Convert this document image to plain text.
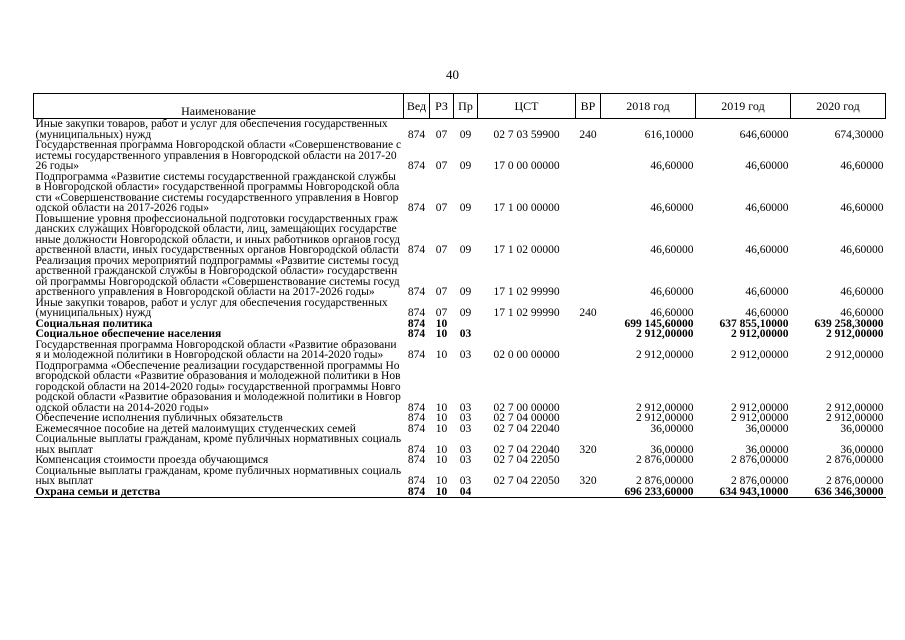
40
Наименование	Вед	РЗ	Пр	ЦСТ	ВР	2018 год	2019 год	2020 год
Иные закупки товаров, работ и услуг для обеспечения государственных (муниципальных) нужд	874	07	09	02 7 03 59900	240	616,10000	646,60000	674,30000
Государственная программа Новгородской области «Совершенствование системы государственного управления в Новгородской области на 2017-2026 годы»	874	07	09	17 0 00 00000		46,60000	46,60000	46,60000
Подпрограмма «Развитие системы государственной гражданской службы в Новгородской области» государственной программы Новгородской области «Совершенствование системы государственного управления в Новгородской области на 2017-2026 годы»	874	07	09	17 1 00 00000		46,60000	46,60000	46,60000
Повышение уровня профессиональной подготовки государственных гражданских служащих Новгородской области, лиц, замещающих государственные должности Новгородской области, и иных работников органов государственной власти, иных государственных органов Новгородской области	874	07	09	17 1 02 00000		46,60000	46,60000	46,60000
Реализация прочих мероприятий подпрограммы «Развитие системы государственной гражданской службы в Новгородской области» государственной программы Новгородской области «Совершенствование системы государственного управления в Новгородской области на 2017-2026 годы»	874	07	09	17 1 02 99990		46,60000	46,60000	46,60000
Иные закупки товаров, работ и услуг для обеспечения государственных (муниципальных) нужд	874	07	09	17 1 02 99990	240	46,60000	46,60000	46,60000
Социальная политика	874	10				699 145,60000	637 855,10000	639 258,30000
Социальное обеспечение населения	874	10	03			2 912,00000	2 912,00000	2 912,00000
Государственная программа Новгородской области «Развитие образования и молодежной политики в Новгородской области на 2014-2020 годы»	874	10	03	02 0 00 00000		2 912,00000	2 912,00000	2 912,00000
Подпрограмма «Обеспечение реализации государственной программы Новгородской области «Развитие образования и молодежной политики в Новгородской области на 2014-2020 годы» государственной программы Новгородской области «Развитие образования и молодежной политики в Новгородской области на 2014-2020 годы»	874	10	03	02 7 00 00000		2 912,00000	2 912,00000	2 912,00000
Обеспечение исполнения публичных обязательств	874	10	03	02 7 04 00000		2 912,00000	2 912,00000	2 912,00000
Ежемесячное пособие на детей малоимущих студенческих семей	874	10	03	02 7 04 22040		36,00000	36,00000	36,00000
Социальные выплаты гражданам, кроме публичных нормативных социальных выплат	874	10	03	02 7 04 22040	320	36,00000	36,00000	36,00000
Компенсация стоимости проезда обучающимся	874	10	03	02 7 04 22050		2 876,00000	2 876,00000	2 876,00000
Социальные выплаты гражданам, кроме публичных нормативных социальных выплат	874	10	03	02 7 04 22050	320	2 876,00000	2 876,00000	2 876,00000
Охрана семьи и детства	874	10	04			696 233,60000	634 943,10000	636 346,30000
